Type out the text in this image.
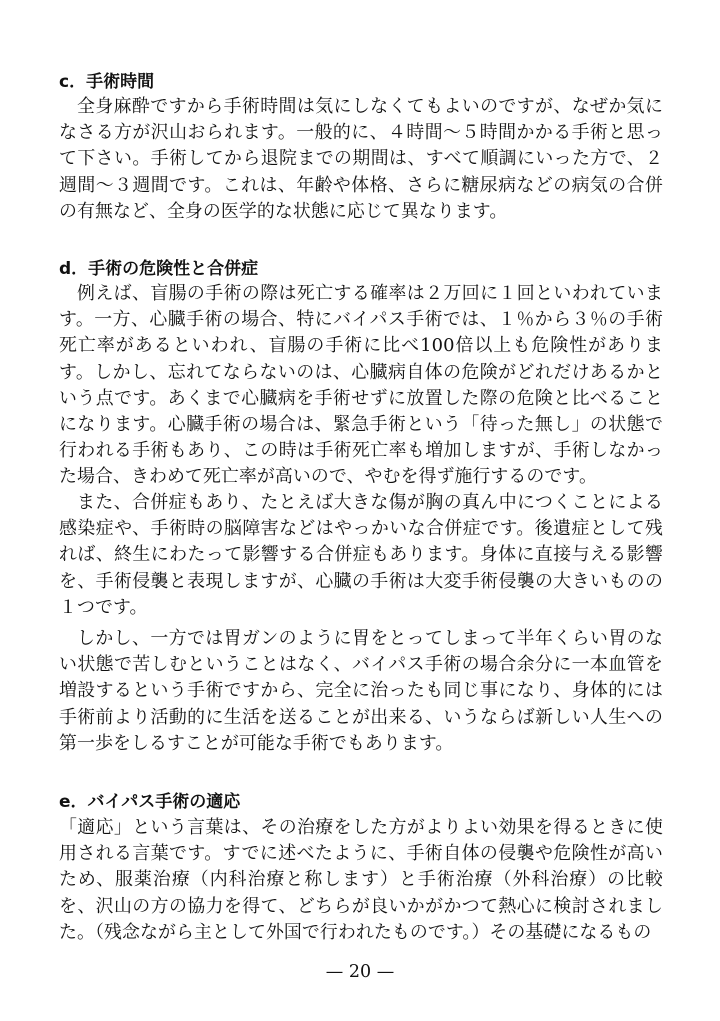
c．手術時間

全身麻酔ですから手術時間は気にしなくてもよいのですが、なぜか気になさる方が沢山おられます。一般的に、４時間〜５時間かかる手術と思って下さい。手術してから退院までの期間は、すべて順調にいった方で、２週間〜３週間です。これは、年齢や体格、さらに糖尿病などの病気の合併の有無など、全身の医学的な状態に応じて異なります。

d．手術の危険性と合併症

例えば、盲腸の手術の際は死亡する確率は２万回に１回といわれています。一方、心臓手術の場合、特にバイパス手術では、１％から３％の手術死亡率があるといわれ、盲腸の手術に比べ100倍以上も危険性があります。しかし、忘れてならないのは、心臓病自体の危険がどれだけあるかという点です。あくまで心臓病を手術せずに放置した際の危険と比べることになります。心臓手術の場合は、緊急手術という「待った無し」の状態で行われる手術もあり、この時は手術死亡率も増加しますが、手術しなかった場合、きわめて死亡率が高いので、やむを得ず施行するのです。

また、合併症もあり、たとえば大きな傷が胸の真ん中につくことによる感染症や、手術時の脳障害などはやっかいな合併症です。後遺症として残れば、終生にわたって影響する合併症もあります。身体に直接与える影響を、手術侵襲と表現しますが、心臓の手術は大変手術侵襲の大きいものの１つです。

しかし、一方では胃ガンのように胃をとってしまって半年くらい胃のない状態で苦しむということはなく、バイパス手術の場合余分に一本血管を増設するという手術ですから、完全に治ったも同じ事になり、身体的には手術前より活動的に生活を送ることが出来る、いうならば新しい人生への第一歩をしるすことが可能な手術でもあります。

e．バイパス手術の適応

「適応」という言葉は、その治療をした方がよりよい効果を得るときに使用される言葉です。すでに述べたように、手術自体の侵襲や危険性が高いため、服薬治療（内科治療と称します）と手術治療（外科治療）の比較を、沢山の方の協力を得て、どちらが良いかがかつて熱心に検討されました。（残念ながら主として外国で行われたものです。）その基礎になるもの

— 20 —
